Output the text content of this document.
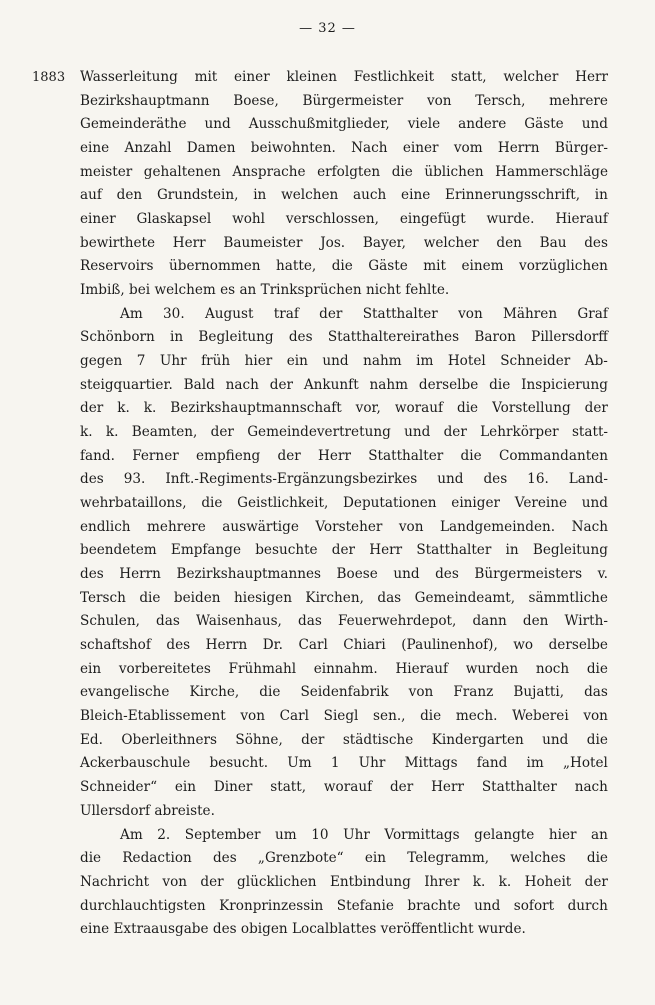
— 32 —
1883 Wasserleitung mit einer kleinen Festlichkeit statt, welcher Herr
Bezirkshauptmann Boese, Bürgermeister von Tersch, mehrere
Gemeinderäthe und Ausschußmitglieder, viele andere Gäste und
eine Anzahl Damen beiwohnten. Nach einer vom Herrn Bürger-
meister gehaltenen Ansprache erfolgten die üblichen Hammerschläge
auf den Grundstein, in welchen auch eine Erinnerungsschrift, in
einer Glaskapsel wohl verschlossen, eingefügt wurde. Hierauf
bewirthete Herr Baumeister Jos. Bayer, welcher den Bau des
Reservoirs übernommen hatte, die Gäste mit einem vorzüglichen
Imbiß, bei welchem es an Trinksprüchen nicht fehlte.
Am 30. August traf der Statthalter von Mähren Graf
Schönborn in Begleitung des Statthaltereirathes Baron Pillersdorff
gegen 7 Uhr früh hier ein und nahm im Hotel Schneider Ab-
steigquartier. Bald nach der Ankunft nahm derselbe die Inspicierung
der k. k. Bezirkshauptmannschaft vor, worauf die Vorstellung der
k. k. Beamten, der Gemeindevertretung und der Lehrkörper statt-
fand. Ferner empfieng der Herr Statthalter die Commandanten
des 93. Inft.-Regiments-Ergänzungsbezirkes und des 16. Land-
wehrbataillons, die Geistlichkeit, Deputationen einiger Vereine und
endlich mehrere auswärtige Vorsteher von Landgemeinden. Nach
beendetem Empfange besuchte der Herr Statthalter in Begleitung
des Herrn Bezirkshauptmannes Boese und des Bürgermeisters v.
Tersch die beiden hiesigen Kirchen, das Gemeindeamt, sämmtliche
Schulen, das Waisenhaus, das Feuerwehrdepot, dann den Wirth-
schaftshof des Herrn Dr. Carl Chiari (Paulinenhof), wo derselbe
ein vorbereitetes Frühmahl einnahm. Hierauf wurden noch die
evangelische Kirche, die Seidenfabrik von Franz Bujatti, das
Bleich-Etablissement von Carl Siegl sen., die mech. Weberei von
Ed. Oberleithners Söhne, der städtische Kindergarten und die
Ackerbauschule besucht. Um 1 Uhr Mittags fand im „Hotel
Schneider“ ein Diner statt, worauf der Herr Statthalter nach
Ullersdorf abreiste.
Am 2. September um 10 Uhr Vormittags gelangte hier an
die Redaction des „Grenzbote“ ein Telegramm, welches die
Nachricht von der glücklichen Entbindung Ihrer k. k. Hoheit der
durchlauchtigsten Kronprinzessin Stefanie brachte und sofort durch
eine Extraausgabe des obigen Localblattes veröffentlicht wurde.
